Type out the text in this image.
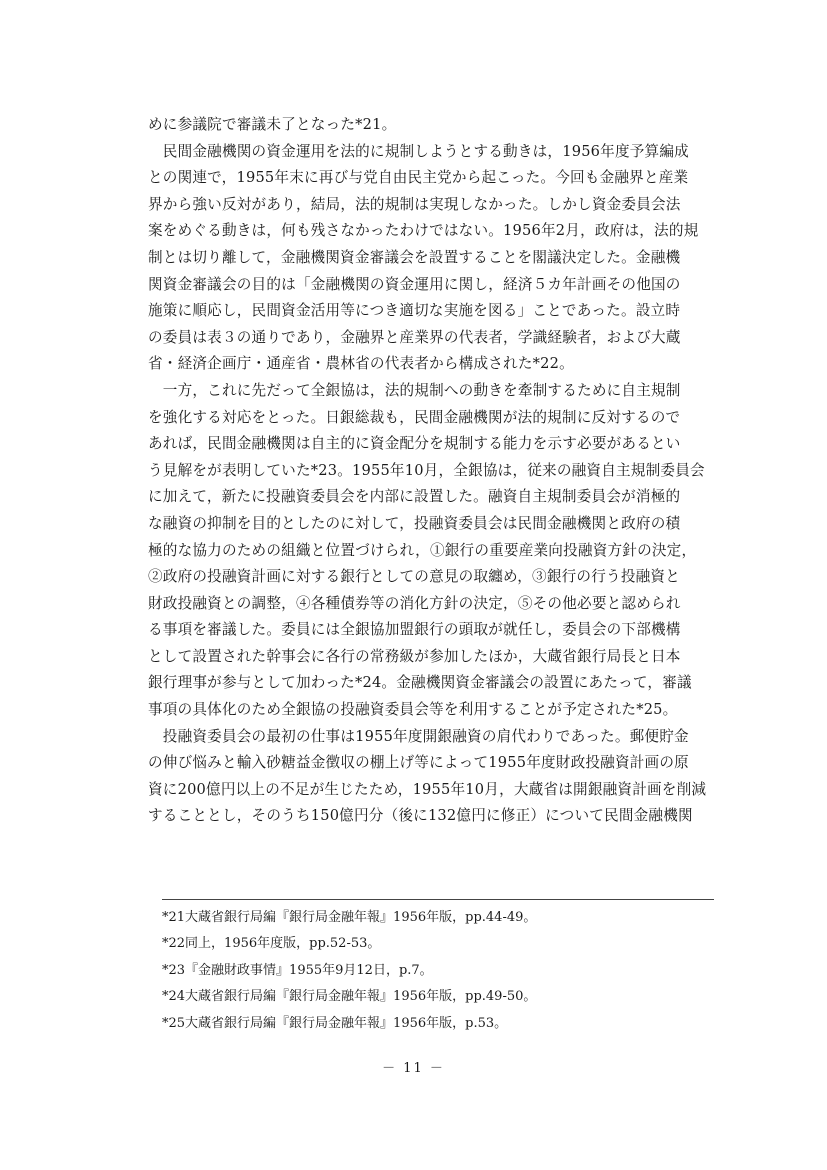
めに参議院で審議未了となった*21。
　民間金融機関の資金運用を法的に規制しようとする動きは，1956年度予算編成
との関連で，1955年末に再び与党自由民主党から起こった。今回も金融界と産業
界から強い反対があり，結局，法的規制は実現しなかった。しかし資金委員会法
案をめぐる動きは，何も残さなかったわけではない。1956年2月，政府は，法的規
制とは切り離して，金融機関資金審議会を設置することを閣議決定した。金融機
関資金審議会の目的は「金融機関の資金運用に関し，経済５カ年計画その他国の
施策に順応し，民間資金活用等につき適切な実施を図る」ことであった。設立時
の委員は表３の通りであり，金融界と産業界の代表者，学識経験者，および大蔵
省・経済企画庁・通産省・農林省の代表者から構成された*22。
　一方，これに先だって全銀協は，法的規制への動きを牽制するために自主規制
を強化する対応をとった。日銀総裁も，民間金融機関が法的規制に反対するので
あれば，民間金融機関は自主的に資金配分を規制する能力を示す必要があるとい
う見解をが表明していた*23。1955年10月，全銀協は，従来の融資自主規制委員会
に加えて，新たに投融資委員会を内部に設置した。融資自主規制委員会が消極的
な融資の抑制を目的としたのに対して，投融資委員会は民間金融機関と政府の積
極的な協力のための組織と位置づけられ，①銀行の重要産業向投融資方針の決定，
②政府の投融資計画に対する銀行としての意見の取纏め，③銀行の行う投融資と
財政投融資との調整，④各種債券等の消化方針の決定，⑤その他必要と認められ
る事項を審議した。委員には全銀協加盟銀行の頭取が就任し，委員会の下部機構
として設置された幹事会に各行の常務級が参加したほか，大蔵省銀行局長と日本
銀行理事が参与として加わった*24。金融機関資金審議会の設置にあたって，審議
事項の具体化のため全銀協の投融資委員会等を利用することが予定された*25。
　投融資委員会の最初の仕事は1955年度開銀融資の肩代わりであった。郵便貯金
の伸び悩みと輸入砂糖益金徴収の棚上げ等によって1955年度財政投融資計画の原
資に200億円以上の不足が生じたため，1955年10月，大蔵省は開銀融資計画を削減
することとし，そのうち150億円分（後に132億円に修正）について民間金融機関
*21大蔵省銀行局編『銀行局金融年報』1956年版，pp.44-49。
*22同上，1956年度版，pp.52-53。
*23『金融財政事情』1955年9月12日，p.7。
*24大蔵省銀行局編『銀行局金融年報』1956年版，pp.49-50。
*25大蔵省銀行局編『銀行局金融年報』1956年版，p.53。
－ 11 －
